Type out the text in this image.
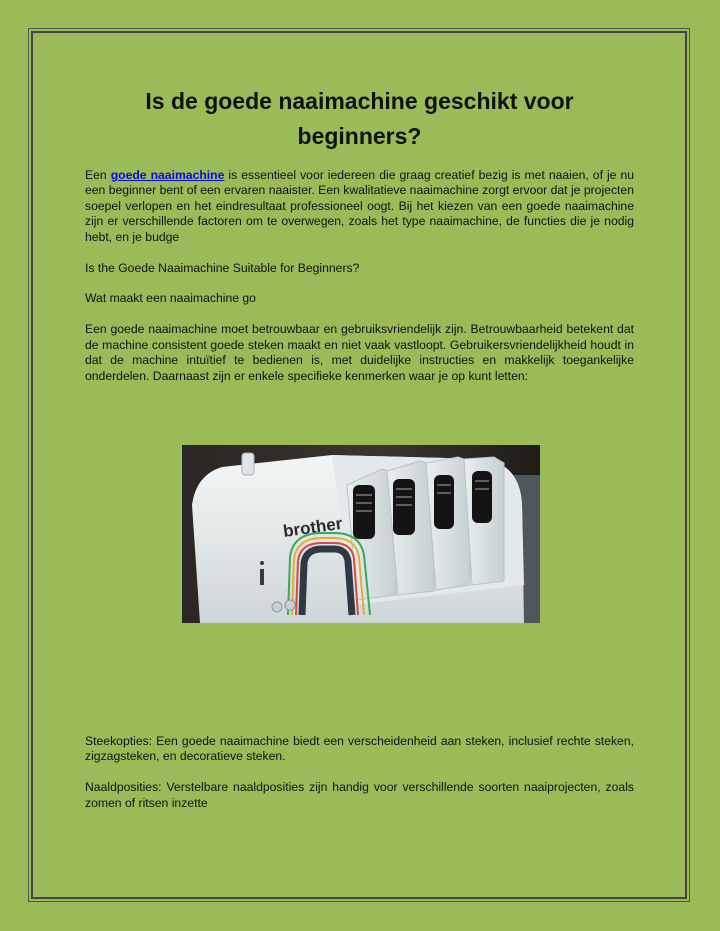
Is de goede naaimachine geschikt voor beginners?

Een goede naaimachine is essentieel voor iedereen die graag creatief bezig is met naaien, of je nu een beginner bent of een ervaren naaister. Een kwalitatieve naaimachine zorgt ervoor dat je projecten soepel verlopen en het eindresultaat professioneel oogt. Bij het kiezen van een goede naaimachine zijn er verschillende factoren om te overwegen, zoals het type naaimachine, de functies die je nodig hebt, en je budge

Is the Goede Naaimachine Suitable for Beginners?

Wat maakt een naaimachine go

Een goede naaimachine moet betrouwbaar en gebruiksvriendelijk zijn. Betrouwbaarheid betekent dat de machine consistent goede steken maakt en niet vaak vastloopt. Gebruikersvriendelijkheid houdt in dat de machine intuïtief te bedienen is, met duidelijke instructies en makkelijk toegankelijke onderdelen. Daarnaast zijn er enkele specifieke kenmerken waar je op kunt letten:

brother

Steekopties: Een goede naaimachine biedt een verscheidenheid aan steken, inclusief rechte steken, zigzagsteken, en decoratieve steken.

Naaldposities: Verstelbare naaldposities zijn handig voor verschillende soorten naaiprojecten, zoals zomen of ritsen inzette
